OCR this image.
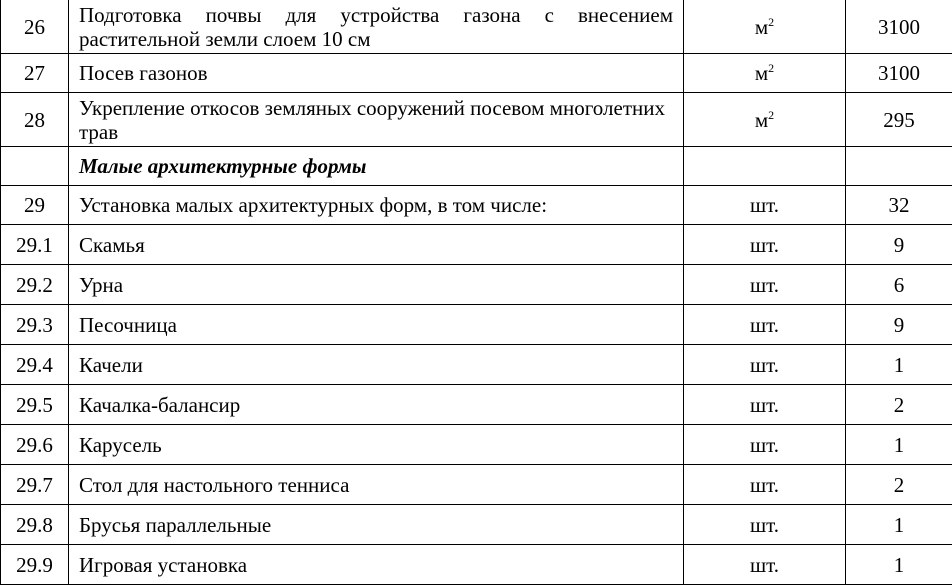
26	Подготовка почвы для устройства газона с внесением растительной земли слоем 10 см	$м^2$	3100
27	Посев газонов	$м^2$	3100
28	Укрепление откосов земляных сооружений посевом многолетних трав	$м^2$	295
	Малые архитектурные формы		
29	Установка малых архитектурных форм, в том числе:	шт.	32
29.1	Скамья	шт.	9
29.2	Урна	шт.	6
29.3	Песочница	шт.	9
29.4	Качели	шт.	1
29.5	Качалка-балансир	шт.	2
29.6	Карусель	шт.	1
29.7	Стол для настольного тенниса	шт.	2
29.8	Брусья параллельные	шт.	1
29.9	Игровая установка	шт.	1
